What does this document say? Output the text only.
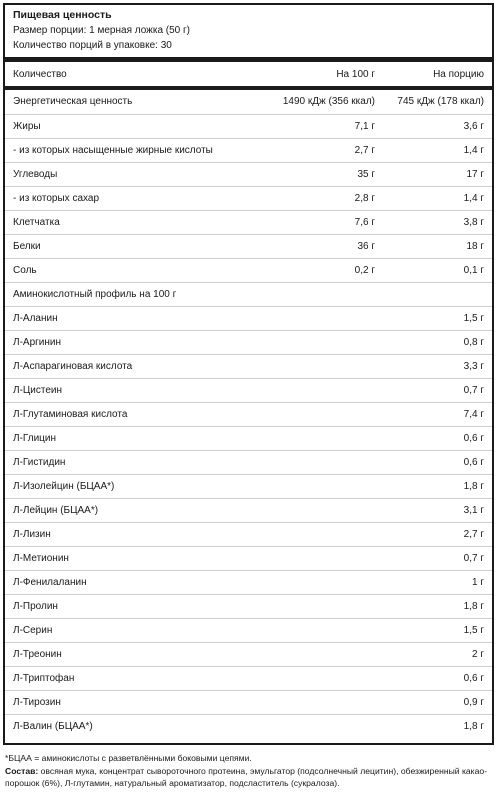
Пищевая ценность
Размер порции: 1 мерная ложка (50 г)
Количество порций в упаковке: 30
Количество	На 100 г	На порцию
Энергетическая ценность	1490 кДж (356 ккал)	745 кДж (178 ккал)
Жиры	7,1 г	3,6 г
- из которых насыщенные жирные кислоты	2,7 г	1,4 г
Углеводы	35 г	17 г
- из которых сахар	2,8 г	1,4 г
Клетчатка	7,6 г	3,8 г
Белки	36 г	18 г
Соль	0,2 г	0,1 г
Аминокислотный профиль на 100 г		
Л-Аланин		1,5 г
Л-Аргинин		0,8 г
Л-Аспарагиновая кислота		3,3 г
Л-Цистеин		0,7 г
Л-Глутаминовая кислота		7,4 г
Л-Глицин		0,6 г
Л-Гистидин		0,6 г
Л-Изолейцин (БЦАА*)		1,8 г
Л-Лейцин (БЦАА*)		3,1 г
Л-Лизин		2,7 г
Л-Метионин		0,7 г
Л-Фенилаланин		1 г
Л-Пролин		1,8 г
Л-Серин		1,5 г
Л-Треонин		2 г
Л-Триптофан		0,6 г
Л-Тирозин		0,9 г
Л-Валин (БЦАА*)		1,8 г
*БЦАА = аминокислоты с разветвлёнными боковыми цепями.
Состав: овсяная мука, концентрат сывороточного протеина, эмульгатор (подсолнечный лецитин), обезжиренный какао-порошок (6%), Л-глутамин, натуральный ароматизатор, подсластитель (сукралоза).
